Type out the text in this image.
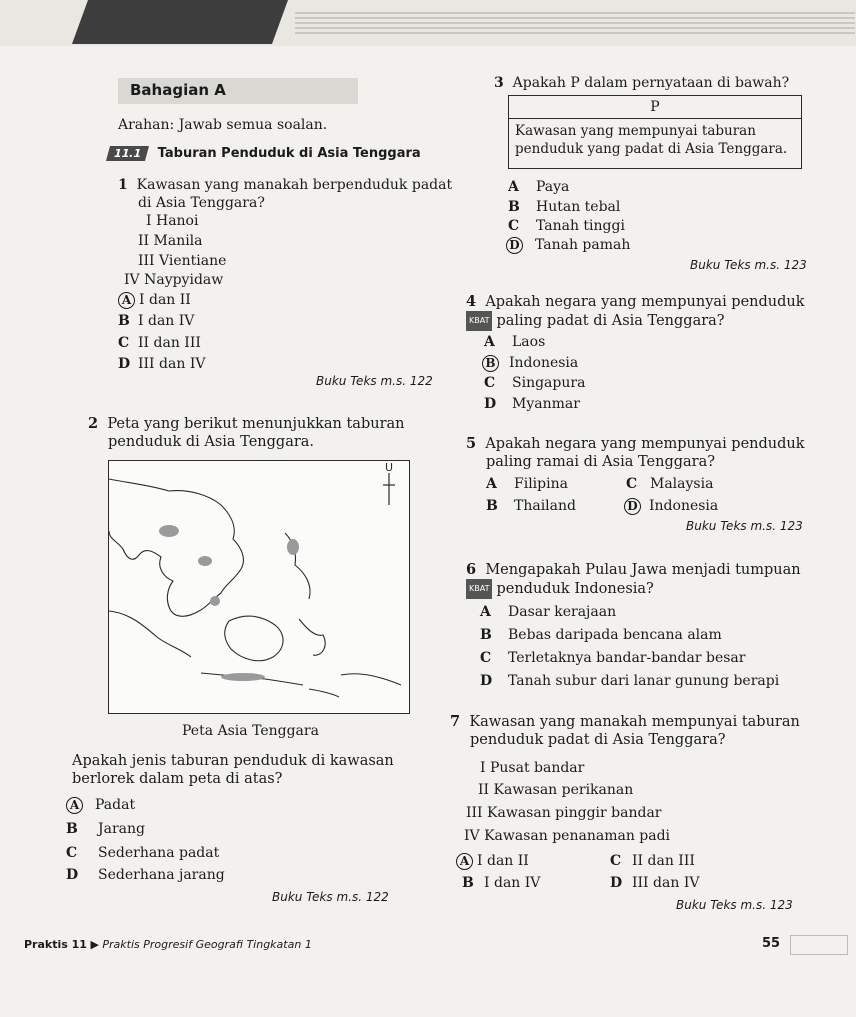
Bahagian A
Arahan: Jawab semua soalan.
11.1 Taburan Penduduk di Asia Tenggara
1 Kawasan yang manakah berpenduduk padat
di Asia Tenggara?
I Hanoi
II Manila
III Vientiane
IV Naypyidaw
A I dan II
B I dan IV
C II dan III
D III dan IV
Buku Teks m.s. 122
2 Peta yang berikut menunjukkan taburan
penduduk di Asia Tenggara.
U
Peta Asia Tenggara
Apakah jenis taburan penduduk di kawasan
berlorek dalam peta di atas?
A Padat
B Jarang
C Sederhana padat
D Sederhana jarang
Buku Teks m.s. 122
3 Apakah P dalam pernyataan di bawah?
P
Kawasan yang mempunyai taburan
penduduk yang padat di Asia Tenggara.
A Paya
B Hutan tebal
C Tanah tinggi
D Tanah pamah
Buku Teks m.s. 123
4 Apakah negara yang mempunyai penduduk
KBAT paling padat di Asia Tenggara?
A Laos
B Indonesia
C Singapura
D Myanmar
5 Apakah negara yang mempunyai penduduk
paling ramai di Asia Tenggara?
A Filipina
B Thailand
C Malaysia
D Indonesia
Buku Teks m.s. 123
6 Mengapakah Pulau Jawa menjadi tumpuan
KBAT penduduk Indonesia?
A Dasar kerajaan
B Bebas daripada bencana alam
C Terletaknya bandar-bandar besar
D Tanah subur dari lanar gunung berapi
7 Kawasan yang manakah mempunyai taburan
penduduk padat di Asia Tenggara?
I Pusat bandar
II Kawasan perikanan
III Kawasan pinggir bandar
IV Kawasan penanaman padi
A I dan II
B I dan IV
C II dan III
D III dan IV
Buku Teks m.s. 123
Praktis 11 ▶ Praktis Progresif Geografi Tingkatan 1	55
